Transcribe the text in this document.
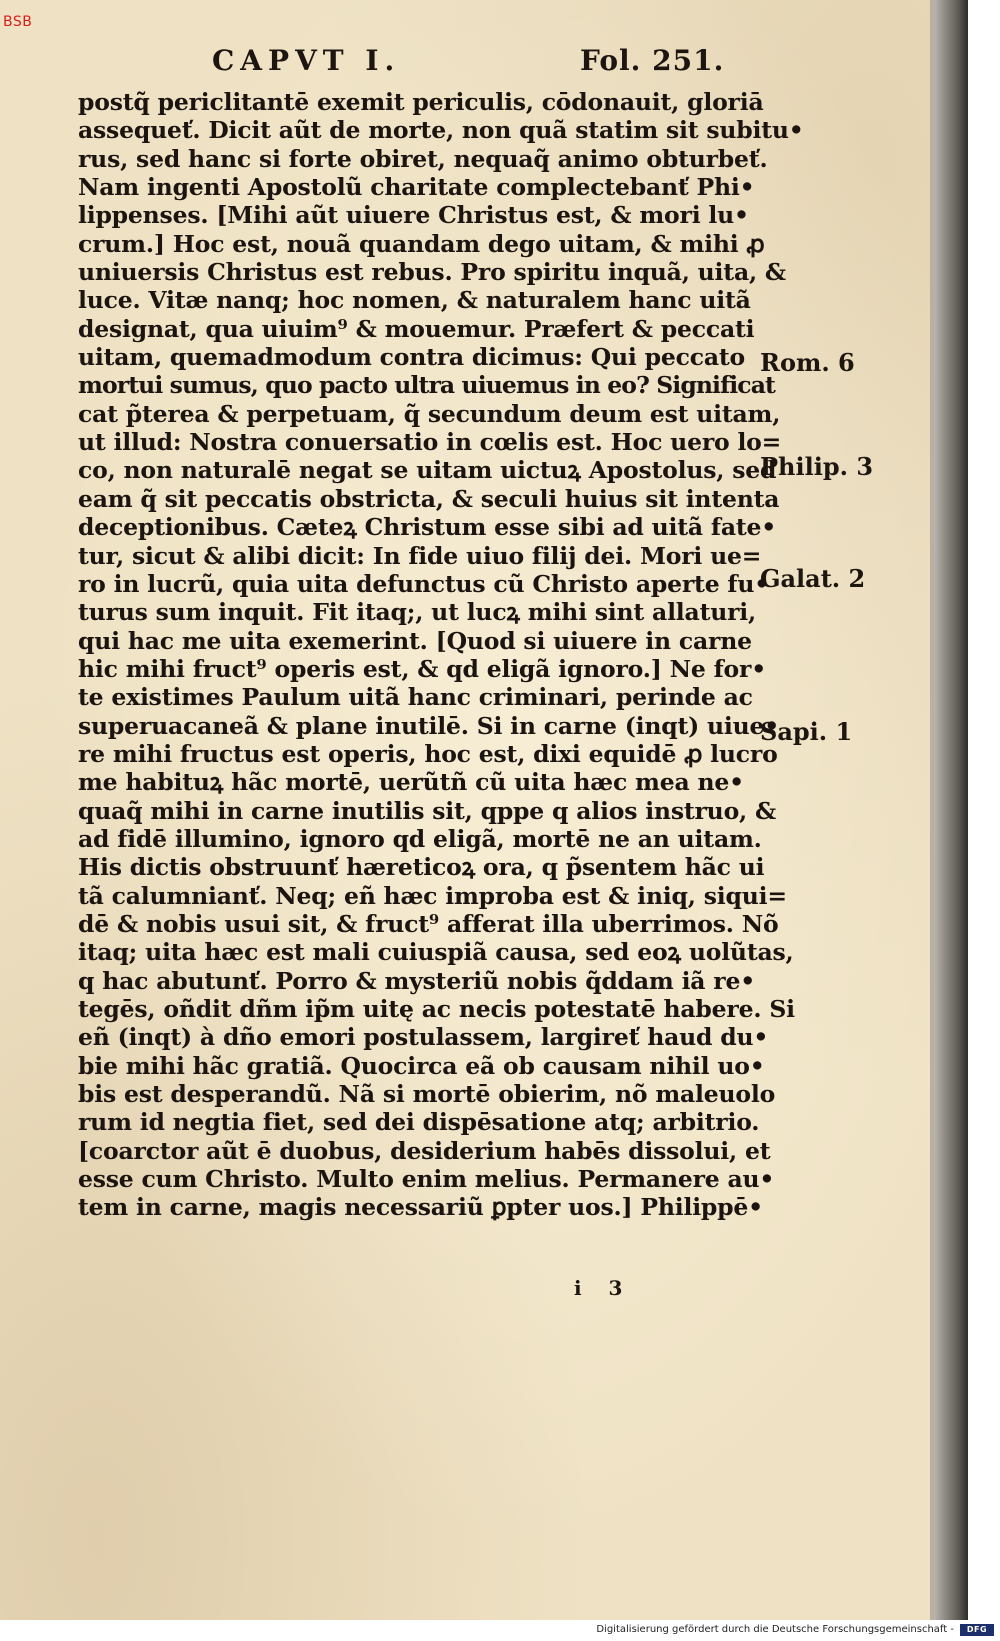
BSB
CAPVT I.	Fol. 251.
postq̃ periclitantē exemit periculis, cōdonauit, gloriā
assequeť. Dicit aũt de morte, non quã statim sit subitu•
rus, sed hanc si forte obiret, nequaq̃ animo obturbeť.
Nam ingenti Apostolũ charitate complectebanť Phi•
lippenses. [Mihi aũt uiuere Christus est, & mori lu•
crum.] Hoc est, nouã quandam dego uitam, & mihi ꝓ
uniuersis Christus est rebus. Pro spiritu inquã, uita, &
luce. Vitæ nanq; hoc nomen, & naturalem hanc uitã
designat, qua uiuim⁹ & mouemur. Præfert & peccati
uitam, quemadmodum contra dicimus: Qui peccato
mortui sumus, quo pacto ultra uiuemus in eo? Significat
cat p̃terea & perpetuam, q̃ secundum deum est uitam,
ut illud: Nostra conuersatio in cœlis est. Hoc uero lo=
co, non naturalē negat se uitam uictuꝝ Apostolus, sed
eam q̃ sit peccatis obstricta, & seculi huius sit intenta
deceptionibus. Cæteꝝ Christum esse sibi ad uitã fate•
tur, sicut & alibi dicit: In fide uiuo filij dei. Mori ue=
ro in lucrũ, quia uita defunctus cũ Christo aperte fu•
turus sum inquit. Fit itaq;, ut lucꝝ mihi sint allaturi,
qui hac me uita exemerint. [Quod si uiuere in carne
hic mihi fruct⁹ operis est, & qd eligã ignoro.] Ne for•
te existimes Paulum uitã hanc criminari, perinde ac
superuacaneã & plane inutilē. Si in carne (inqt) uiue•
re mihi fructus est operis, hoc est, dixi equidē ꝓ lucro
me habituꝝ hãc mortē, uerũtñ cũ uita hæc mea ne•
quaq̃ mihi in carne inutilis sit, qppe q alios instruo, &
ad fidē illumino, ignoro qd eligã, mortē ne an uitam.
His dictis obstruunť hæreticoꝝ ora, q p̃sentem hãc ui
tã calumnianť. Neq; eñ hæc improba est & iniq, siqui=
dē & nobis usui sit, & fruct⁹ afferat illa uberrimos. Nõ
itaq; uita hæc est mali cuiuspiã causa, sed eoꝝ uolũtas,
q hac abutunť. Porro & mysteriũ nobis q̃ddam iã re•
tegēs, oñdit dñm ip̃m uitę ac necis potestatē habere. Si
eñ (inqt) à dño emori postulassem, largireť haud du•
bie mihi hãc gratiã. Quocirca eã ob causam nihil uo•
bis est desperandũ. Nã si mortē obierim, nõ maleuolo
rum id negtia fiet, sed dei dispēsatione atq; arbitrio.
[coarctor aũt ē duobus, desiderium habēs dissolui, et
esse cum Christo. Multo enim melius. Permanere au•
tem in carne, magis necessariũ ꝑpter uos.] Philippē•
Rom. 6
Philip. 3
Galat. 2
Sapi. 1
i 3
Digitalisierung gefördert durch die Deutsche Forschungsgemeinschaft -	DFG
